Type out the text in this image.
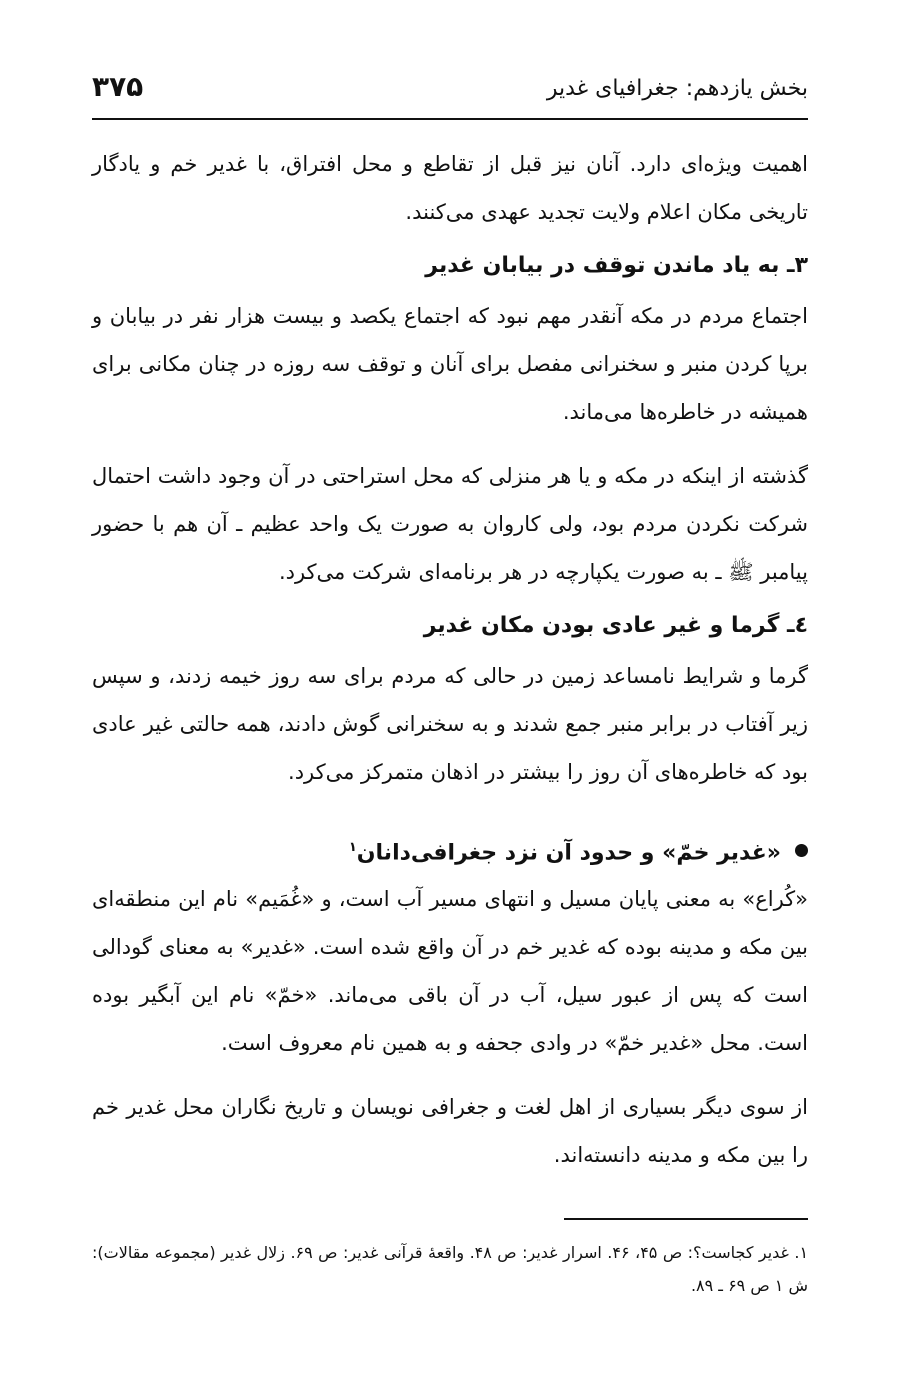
بخش یازدهم: جغرافیای غدیر
۳۷۵

اهمیت ویژه‌ای دارد. آنان نیز قبل از تقاطع و محل افتراق، با غدیر خم و یادگار تاریخی مکان اعلام ولایت تجدید عهدی می‌کنند.

۳ـ به یاد ماندن توقف در بیابان غدیر

اجتماع مردم در مکه آنقدر مهم نبود که اجتماع یکصد و بیست هزار نفر در بیابان و برپا کردن منبر و سخنرانی مفصل برای آنان و توقف سه روزه در چنان مکانی برای همیشه در خاطره‌ها می‌ماند.

گذشته از اینکه در مکه و یا هر منزلی که محل استراحتی در آن وجود داشت احتمال شرکت نکردن مردم بود، ولی کاروان به صورت یک واحد عظیم ـ آن هم با حضور پیامبر ﷺ ـ به صورت یکپارچه در هر برنامه‌ای شرکت می‌کرد.

٤ـ گرما و غیر عادی بودن مکان غدیر

گرما و شرایط نامساعد زمین در حالی که مردم برای سه روز خیمه زدند، و سپس زیر آفتاب در برابر منبر جمع شدند و به سخنرانی گوش دادند، همه حالتی غیر عادی بود که خاطره‌های آن روز را بیشتر در اذهان متمرکز می‌کرد.

«غدیر خمّ» و حدود آن نزد جغرافی‌دانان$^۱$

«کُراع» به معنی پایان مسیل و انتهای مسیر آب است، و «غُمَیم» نام این منطقه‌ای بین مکه و مدینه بوده که غدیر خم در آن واقع شده است. «غدیر» به معنای گودالی است که پس از عبور سیل، آب در آن باقی می‌ماند. «خمّ» نام این آبگیر بوده است. محل «غدیر خمّ» در وادی جحفه و به همین نام معروف است.

از سوی دیگر بسیاری از اهل لغت و جغرافی نویسان و تاریخ نگاران محل غدیر خم را بین مکه و مدینه دانسته‌اند.

۱. غدیر کجاست؟: ص ۴۵، ۴۶. اسرار غدیر: ص ۴۸. واقعهٔ قرآنی غدیر: ص ۶۹. زلال غدیر (مجموعه مقالات): ش ۱ ص ۶۹ ـ ۸۹.
